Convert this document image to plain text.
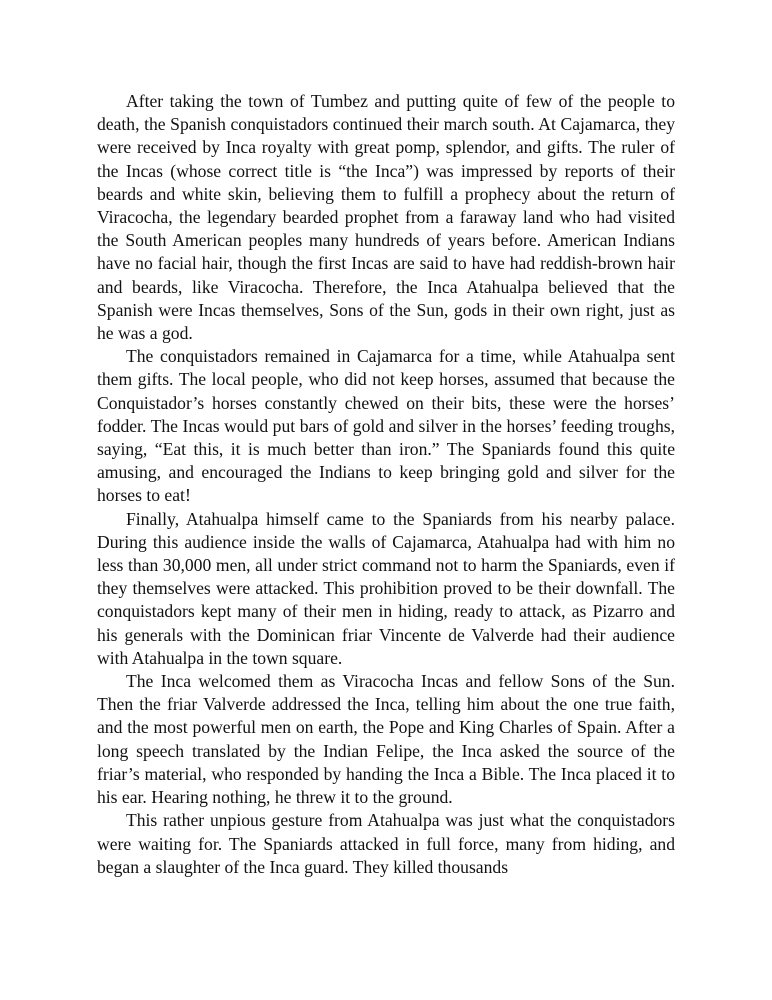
After taking the town of Tumbez and putting quite of few of the people to death, the Spanish conquistadors continued their march south. At Cajamarca, they were received by Inca royalty with great pomp, splendor, and gifts. The ruler of the Incas (whose correct title is “the Inca”) was impressed by reports of their beards and white skin, believing them to fulfill a prophecy about the return of Viracocha, the legendary bearded prophet from a faraway land who had visited the South American peoples many hundreds of years before. American Indians have no facial hair, though the first Incas are said to have had reddish-brown hair and beards, like Viracocha. Therefore, the Inca Atahualpa believed that the Spanish were Incas themselves, Sons of the Sun, gods in their own right, just as he was a god.

The conquistadors remained in Cajamarca for a time, while Atahualpa sent them gifts. The local people, who did not keep horses, assumed that because the Conquistador’s horses constantly chewed on their bits, these were the horses’ fodder. The Incas would put bars of gold and silver in the horses’ feeding troughs, saying, “Eat this, it is much better than iron.” The Spaniards found this quite amusing, and encouraged the Indians to keep bringing gold and silver for the horses to eat!

Finally, Atahualpa himself came to the Spaniards from his nearby palace. During this audience inside the walls of Cajamarca, Atahualpa had with him no less than 30,000 men, all under strict command not to harm the Spaniards, even if they themselves were attacked. This prohibition proved to be their downfall. The conquistadors kept many of their men in hiding, ready to attack, as Pizarro and his generals with the Dominican friar Vincente de Valverde had their audience with Atahualpa in the town square.

The Inca welcomed them as Viracocha Incas and fellow Sons of the Sun. Then the friar Valverde addressed the Inca, telling him about the one true faith, and the most powerful men on earth, the Pope and King Charles of Spain. After a long speech translated by the Indian Felipe, the Inca asked the source of the friar’s material, who responded by handing the Inca a Bible. The Inca placed it to his ear. Hearing nothing, he threw it to the ground.

This rather unpious gesture from Atahualpa was just what the conquistadors were waiting for. The Spaniards attacked in full force, many from hiding, and began a slaughter of the Inca guard. They killed thousands
